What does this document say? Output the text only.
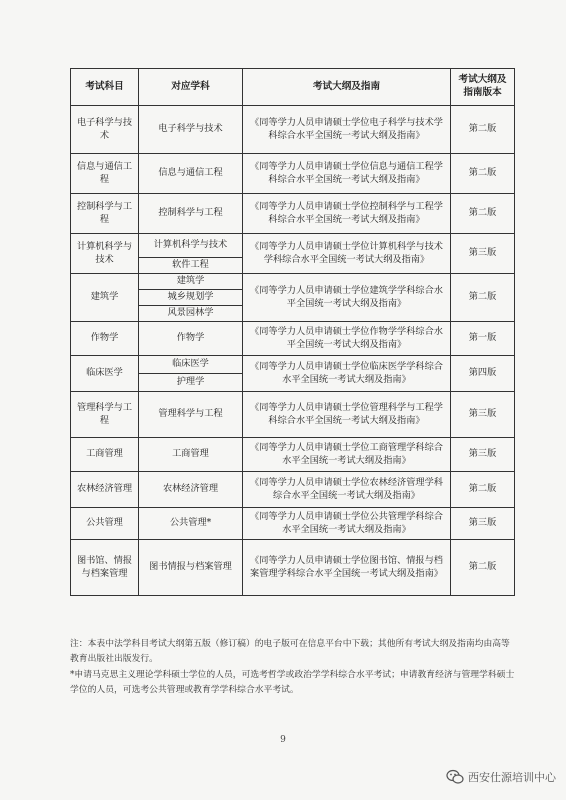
考试科目	对应学科	考试大纲及指南	考试大纲及指南版本
电子科学与技术	电子科学与技术	《同等学力人员申请硕士学位电子科学与技术学科综合水平全国统一考试大纲及指南》	第二版
信息与通信工程	信息与通信工程	《同等学力人员申请硕士学位信息与通信工程学科综合水平全国统一考试大纲及指南》	第二版
控制科学与工程	控制科学与工程	《同等学力人员申请硕士学位控制科学与工程学科综合水平全国统一考试大纲及指南》	第二版
计算机科学与技术	计算机科学与技术	《同等学力人员申请硕士学位计算机科学与技术学科综合水平全国统一考试大纲及指南》	第三版
	软件工程		
建筑学	建筑学	《同等学力人员申请硕士学位建筑学学科综合水平全国统一考试大纲及指南》	第二版
	城乡规划学		
	风景园林学		
作物学	作物学	《同等学力人员申请硕士学位作物学学科综合水平全国统一考试大纲及指南》	第一版
临床医学	临床医学	《同等学力人员申请硕士学位临床医学学科综合水平全国统一考试大纲及指南》	第四版
	护理学		
管理科学与工程	管理科学与工程	《同等学力人员申请硕士学位管理科学与工程学科综合水平全国统一考试大纲及指南》	第三版
工商管理	工商管理	《同等学力人员申请硕士学位工商管理学科综合水平全国统一考试大纲及指南》	第三版
农林经济管理	农林经济管理	《同等学力人员申请硕士学位农林经济管理学科综合水平全国统一考试大纲及指南》	第二版
公共管理	公共管理*	《同等学力人员申请硕士学位公共管理学科综合水平全国统一考试大纲及指南》	第三版
图书馆、情报与档案管理	图书情报与档案管理	《同等学力人员申请硕士学位图书馆、情报与档案管理学科综合水平全国统一考试大纲及指南》	第二版

注：本表中法学科目考试大纲第五版（修订稿）的电子版可在信息平台中下载；其他所有考试大纲及指南均由高等教育出版社出版发行。

*申请马克思主义理论学科硕士学位的人员，可选考哲学或政治学学科综合水平考试；申请教育经济与管理学科硕士学位的人员，可选考公共管理或教育学学科综合水平考试。

9
西安仕源培训中心
